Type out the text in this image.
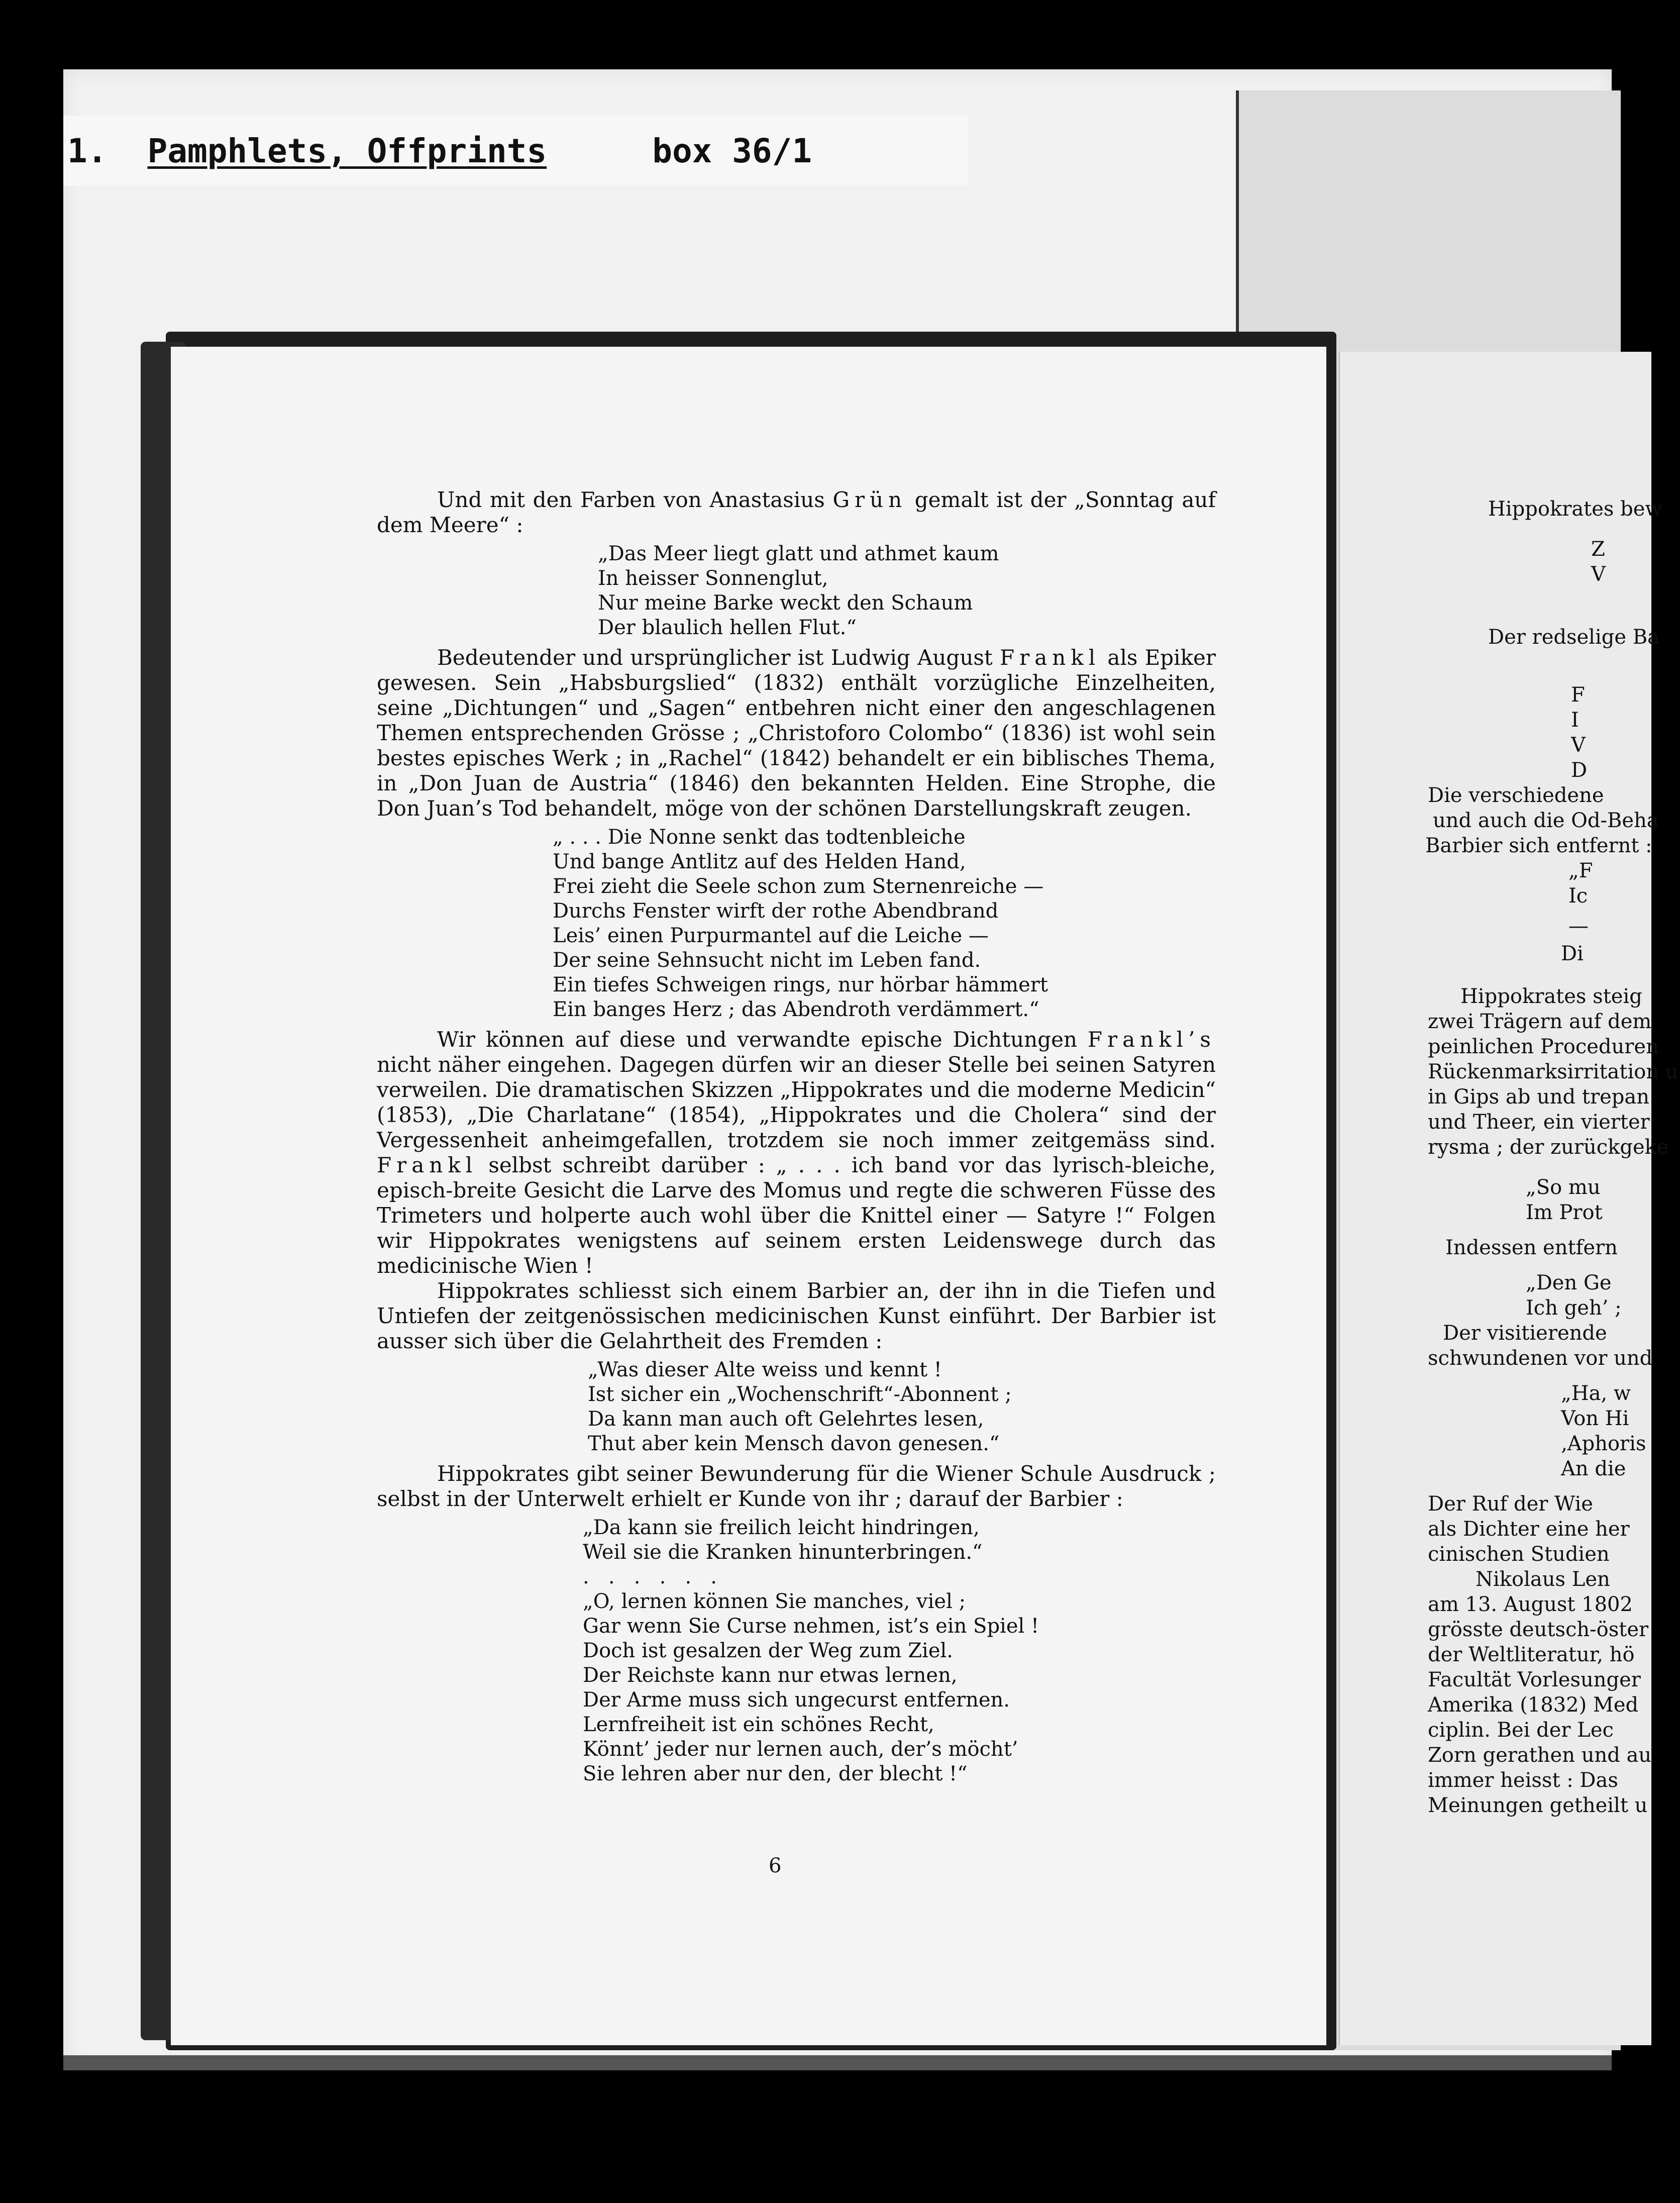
1. Pamphlets, Offprints	box 36/1

Und mit den Farben von Anastasius Grün gemalt ist der „Sonntag auf dem Meere“ :

„Das Meer liegt glatt und athmet kaum
In heisser Sonnenglut,
Nur meine Barke weckt den Schaum
Der blaulich hellen Flut.“

Bedeutender und ursprünglicher ist Ludwig August Frankl als Epiker gewesen. Sein „Habsburgslied“ (1832) enthält vorzügliche Einzelheiten, seine „Dichtungen“ und „Sagen“ entbehren nicht einer den angeschlagenen Themen entsprechenden Grösse ; „Christoforo Colombo“ (1836) ist wohl sein bestes episches Werk ; in „Rachel“ (1842) behandelt er ein biblisches Thema, in „Don Juan de Austria“ (1846) den bekannten Helden. Eine Strophe, die Don Juan’s Tod behandelt, möge von der schönen Darstellungskraft zeugen.

„ . . . Die Nonne senkt das todtenbleiche
Und bange Antlitz auf des Helden Hand,
Frei zieht die Seele schon zum Sternenreiche —
Durchs Fenster wirft der rothe Abendbrand
Leis’ einen Purpurmantel auf die Leiche —
Der seine Sehnsucht nicht im Leben fand.
Ein tiefes Schweigen rings, nur hörbar hämmert
Ein banges Herz ; das Abendroth verdämmert.“

Wir können auf diese und verwandte epische Dichtungen Frankl’s nicht näher eingehen. Dagegen dürfen wir an dieser Stelle bei seinen Satyren verweilen. Die dramatischen Skizzen „Hippokrates und die moderne Medicin“ (1853), „Die Charlatane“ (1854), „Hippokrates und die Cholera“ sind der Vergessenheit anheimgefallen, trotzdem sie noch immer zeitgemäss sind. Frankl selbst schreibt darüber : „ . . . ich band vor das lyrisch-bleiche, episch-breite Gesicht die Larve des Momus und regte die schweren Füsse des Trimeters und holperte auch wohl über die Knittel einer — Satyre !“ Folgen wir Hippokrates wenigstens auf seinem ersten Leidenswege durch das medicinische Wien !

Hippokrates schliesst sich einem Barbier an, der ihn in die Tiefen und Untiefen der zeitgenössischen medicinischen Kunst einführt. Der Barbier ist ausser sich über die Gelahrtheit des Fremden :

„Was dieser Alte weiss und kennt !
Ist sicher ein „Wochenschrift“-Abonnent ;
Da kann man auch oft Gelehrtes lesen,
Thut aber kein Mensch davon genesen.“

Hippokrates gibt seiner Bewunderung für die Wiener Schule Ausdruck ; selbst in der Unterwelt erhielt er Kunde von ihr ; darauf der Barbier :

„Da kann sie freilich leicht hindringen,
Weil sie die Kranken hinunterbringen.“
.   .   .   .   .   .
„O, lernen können Sie manches, viel ;
Gar wenn Sie Curse nehmen, ist’s ein Spiel !
Doch ist gesalzen der Weg zum Ziel.
Der Reichste kann nur etwas lernen,
Der Arme muss sich ungecurst entfernen.
Lernfreiheit ist ein schönes Recht,
Könnt’ jeder nur lernen auch, der’s möcht’
Sie lehren aber nur den, der blecht !“
6
Hippokrates bew
Z
V
Der redselige Ba
F
I
V
D
Die verschiedene
und auch die Od-Beha
Barbier sich entfernt :
„F
Ic
—
Di
Hippokrates steig
zwei Trägern auf dem
peinlichen Proceduren
Rückenmarksirritation u
in Gips ab und trepan
und Theer, ein vierter
rysma ; der zurückgeke
„So mu
Im Prot
Indessen entfern
„Den Ge
Ich geh’ ;
Der visitierende
schwundenen vor und
„Ha, w
Von Hi
‚Aphoris
An die
Der Ruf der Wie
als Dichter eine her
cinischen Studien
Nikolaus Len
am 13. August 1802
grösste deutsch-öster
der Weltliteratur, hö
Facultät Vorlesunger
Amerika (1832) Med
ciplin. Bei der Lec
Zorn gerathen und au
immer heisst : Das
Meinungen getheilt u
